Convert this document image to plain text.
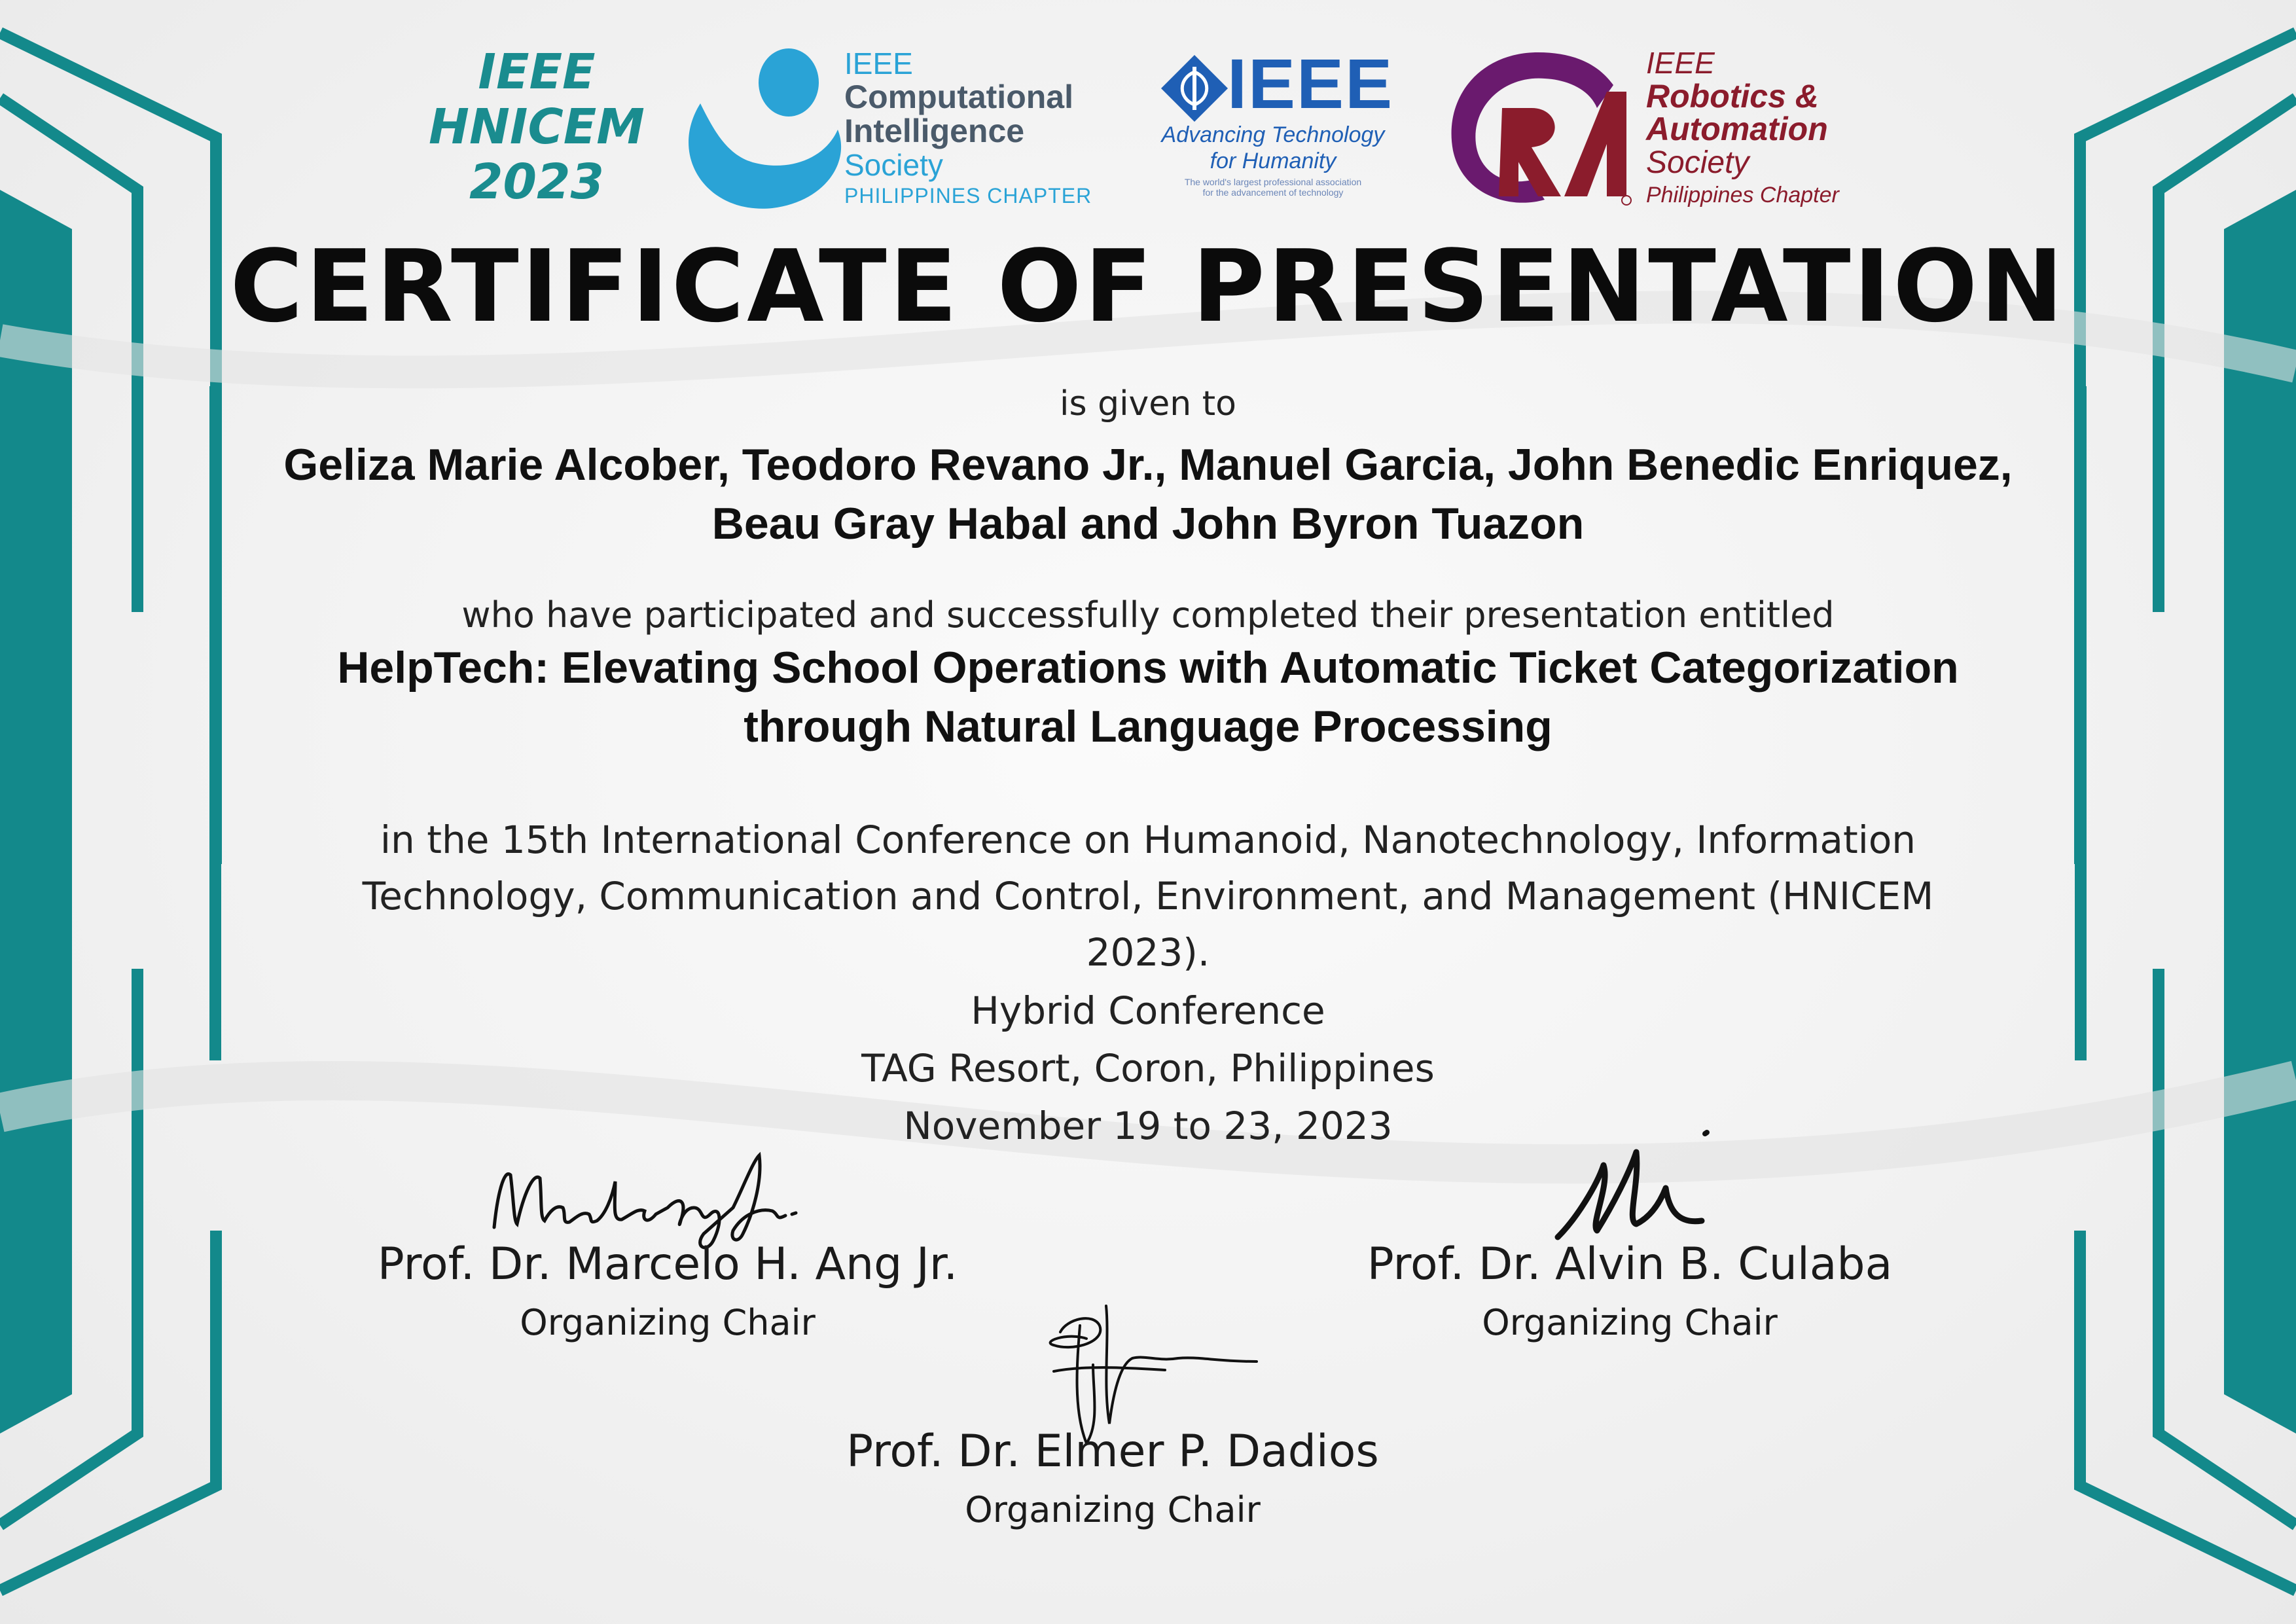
IEEE
HNICEM
2023
IEEE
Computational
Intelligence
Society
PHILIPPINES CHAPTER
IEEE
Advancing Technology
for Humanity
The world's largest professional association
for the advancement of technology
IEEE
Robotics &
Automation
Society
Philippines Chapter
CERTIFICATE OF PRESENTATION
is given to
Geliza Marie Alcober, Teodoro Revano Jr., Manuel Garcia, John Benedic Enriquez, Beau Gray Habal and John Byron Tuazon
who have participated and successfully completed their presentation entitled
HelpTech: Elevating School Operations with Automatic Ticket Categorization through Natural Language Processing
in the 15th International Conference on Humanoid, Nanotechnology, Information Technology, Communication and Control, Environment, and Management (HNICEM 2023).
Hybrid Conference
TAG Resort, Coron, Philippines
November 19 to 23, 2023
Prof. Dr. Marcelo H. Ang Jr.
Organizing Chair
Prof. Dr. Alvin B. Culaba
Organizing Chair
Prof. Dr. Elmer P. Dadios
Organizing Chair
